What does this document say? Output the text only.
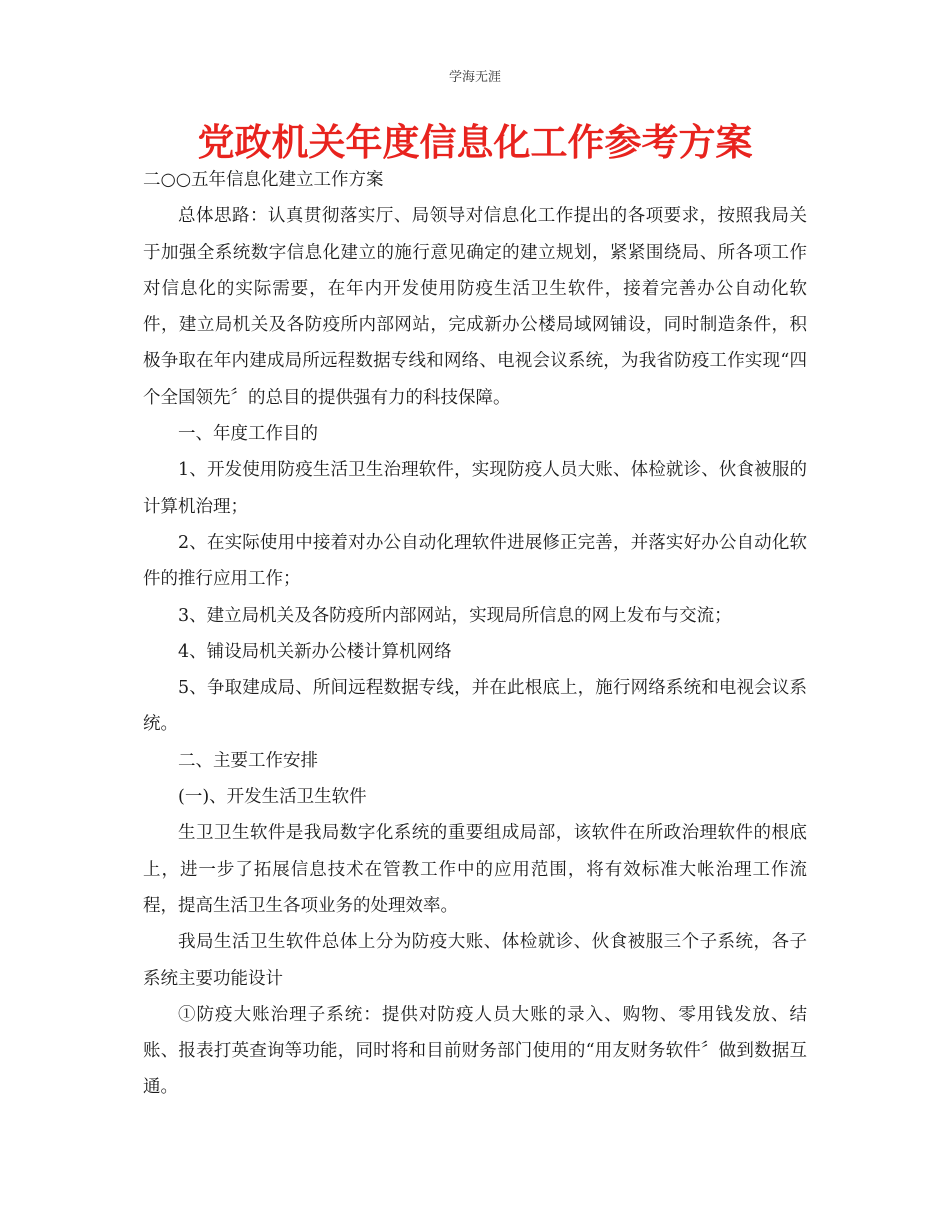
学海无涯
党政机关年度信息化工作参考方案

二○○五年信息化建立工作方案

总体思路：认真贯彻落实厅、局领导对信息化工作提出的各项要求，按照我局关于加强全系统数字信息化建立的施行意见确定的建立规划，紧紧围绕局、所各项工作对信息化的实际需要，在年内开发使用防疫生活卫生软件，接着完善办公自动化软件，建立局机关及各防疫所内部网站，完成新办公楼局域网铺设，同时制造条件，积极争取在年内建成局所远程数据专线和网络、电视会议系统，为我省防疫工作实现“四个全国领先〞的总目的提供强有力的科技保障。

一、年度工作目的

1、开发使用防疫生活卫生治理软件，实现防疫人员大账、体检就诊、伙食被服的计算机治理；

2、在实际使用中接着对办公自动化理软件进展修正完善，并落实好办公自动化软件的推行应用工作；

3、建立局机关及各防疫所内部网站，实现局所信息的网上发布与交流；

4、铺设局机关新办公楼计算机网络

5、争取建成局、所间远程数据专线，并在此根底上，施行网络系统和电视会议系统。

二、主要工作安排

(一)、开发生活卫生软件

生卫卫生软件是我局数字化系统的重要组成局部，该软件在所政治理软件的根底上，进一步了拓展信息技术在管教工作中的应用范围，将有效标准大帐治理工作流程，提高生活卫生各项业务的处理效率。

我局生活卫生软件总体上分为防疫大账、体检就诊、伙食被服三个子系统，各子系统主要功能设计

①防疫大账治理子系统：提供对防疫人员大账的录入、购物、零用钱发放、结账、报表打英查询等功能，同时将和目前财务部门使用的“用友财务软件〞做到数据互通。
